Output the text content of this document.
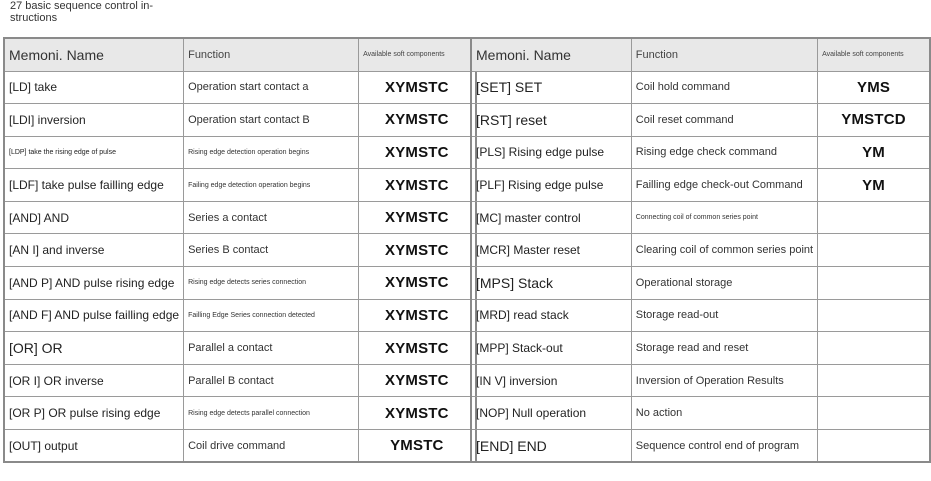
27 basic sequence control in-structions
Memoni. Name	Function	Available soft components
[LD] take	Operation start contact a	XYMSTC
[LDI] inversion	Operation start contact B	XYMSTC
[LDP] take the rising edge of pulse	Rising edge detection operation begins	XYMSTC
[LDF] take pulse failling edge	Failing edge detection operation begins	XYMSTC
[AND] AND	Series a contact	XYMSTC
[AN I] and inverse	Series B contact	XYMSTC
[AND P] AND pulse rising edge	Rising edge detects series connection	XYMSTC
[AND F] AND pulse failling edge	Failling Edge Series connection detected	XYMSTC
[OR] OR	Parallel a contact	XYMSTC
[OR I] OR inverse	Parallel B contact	XYMSTC
[OR P] OR pulse rising edge	Rising edge detects parallel connection	XYMSTC
[OUT] output	Coil drive command	YMSTC
Memoni. Name	Function	Available soft components
[SET] SET	Coil hold command	YMS
[RST] reset	Coil reset command	YMSTCD
[PLS] Rising edge pulse	Rising edge check command	YM
[PLF] Rising edge pulse	Failling edge check-out Command	YM
[MC] master control	Connecting coil of common series point	
[MCR] Master reset	Clearing coil of common series point	
[MPS] Stack	Operational storage	
[MRD] read stack	Storage read-out	
[MPP] Stack-out	Storage read and reset	
[IN V] inversion	Inversion of Operation Results	
[NOP] Null operation	No action	
[END] END	Sequence control end of program	
